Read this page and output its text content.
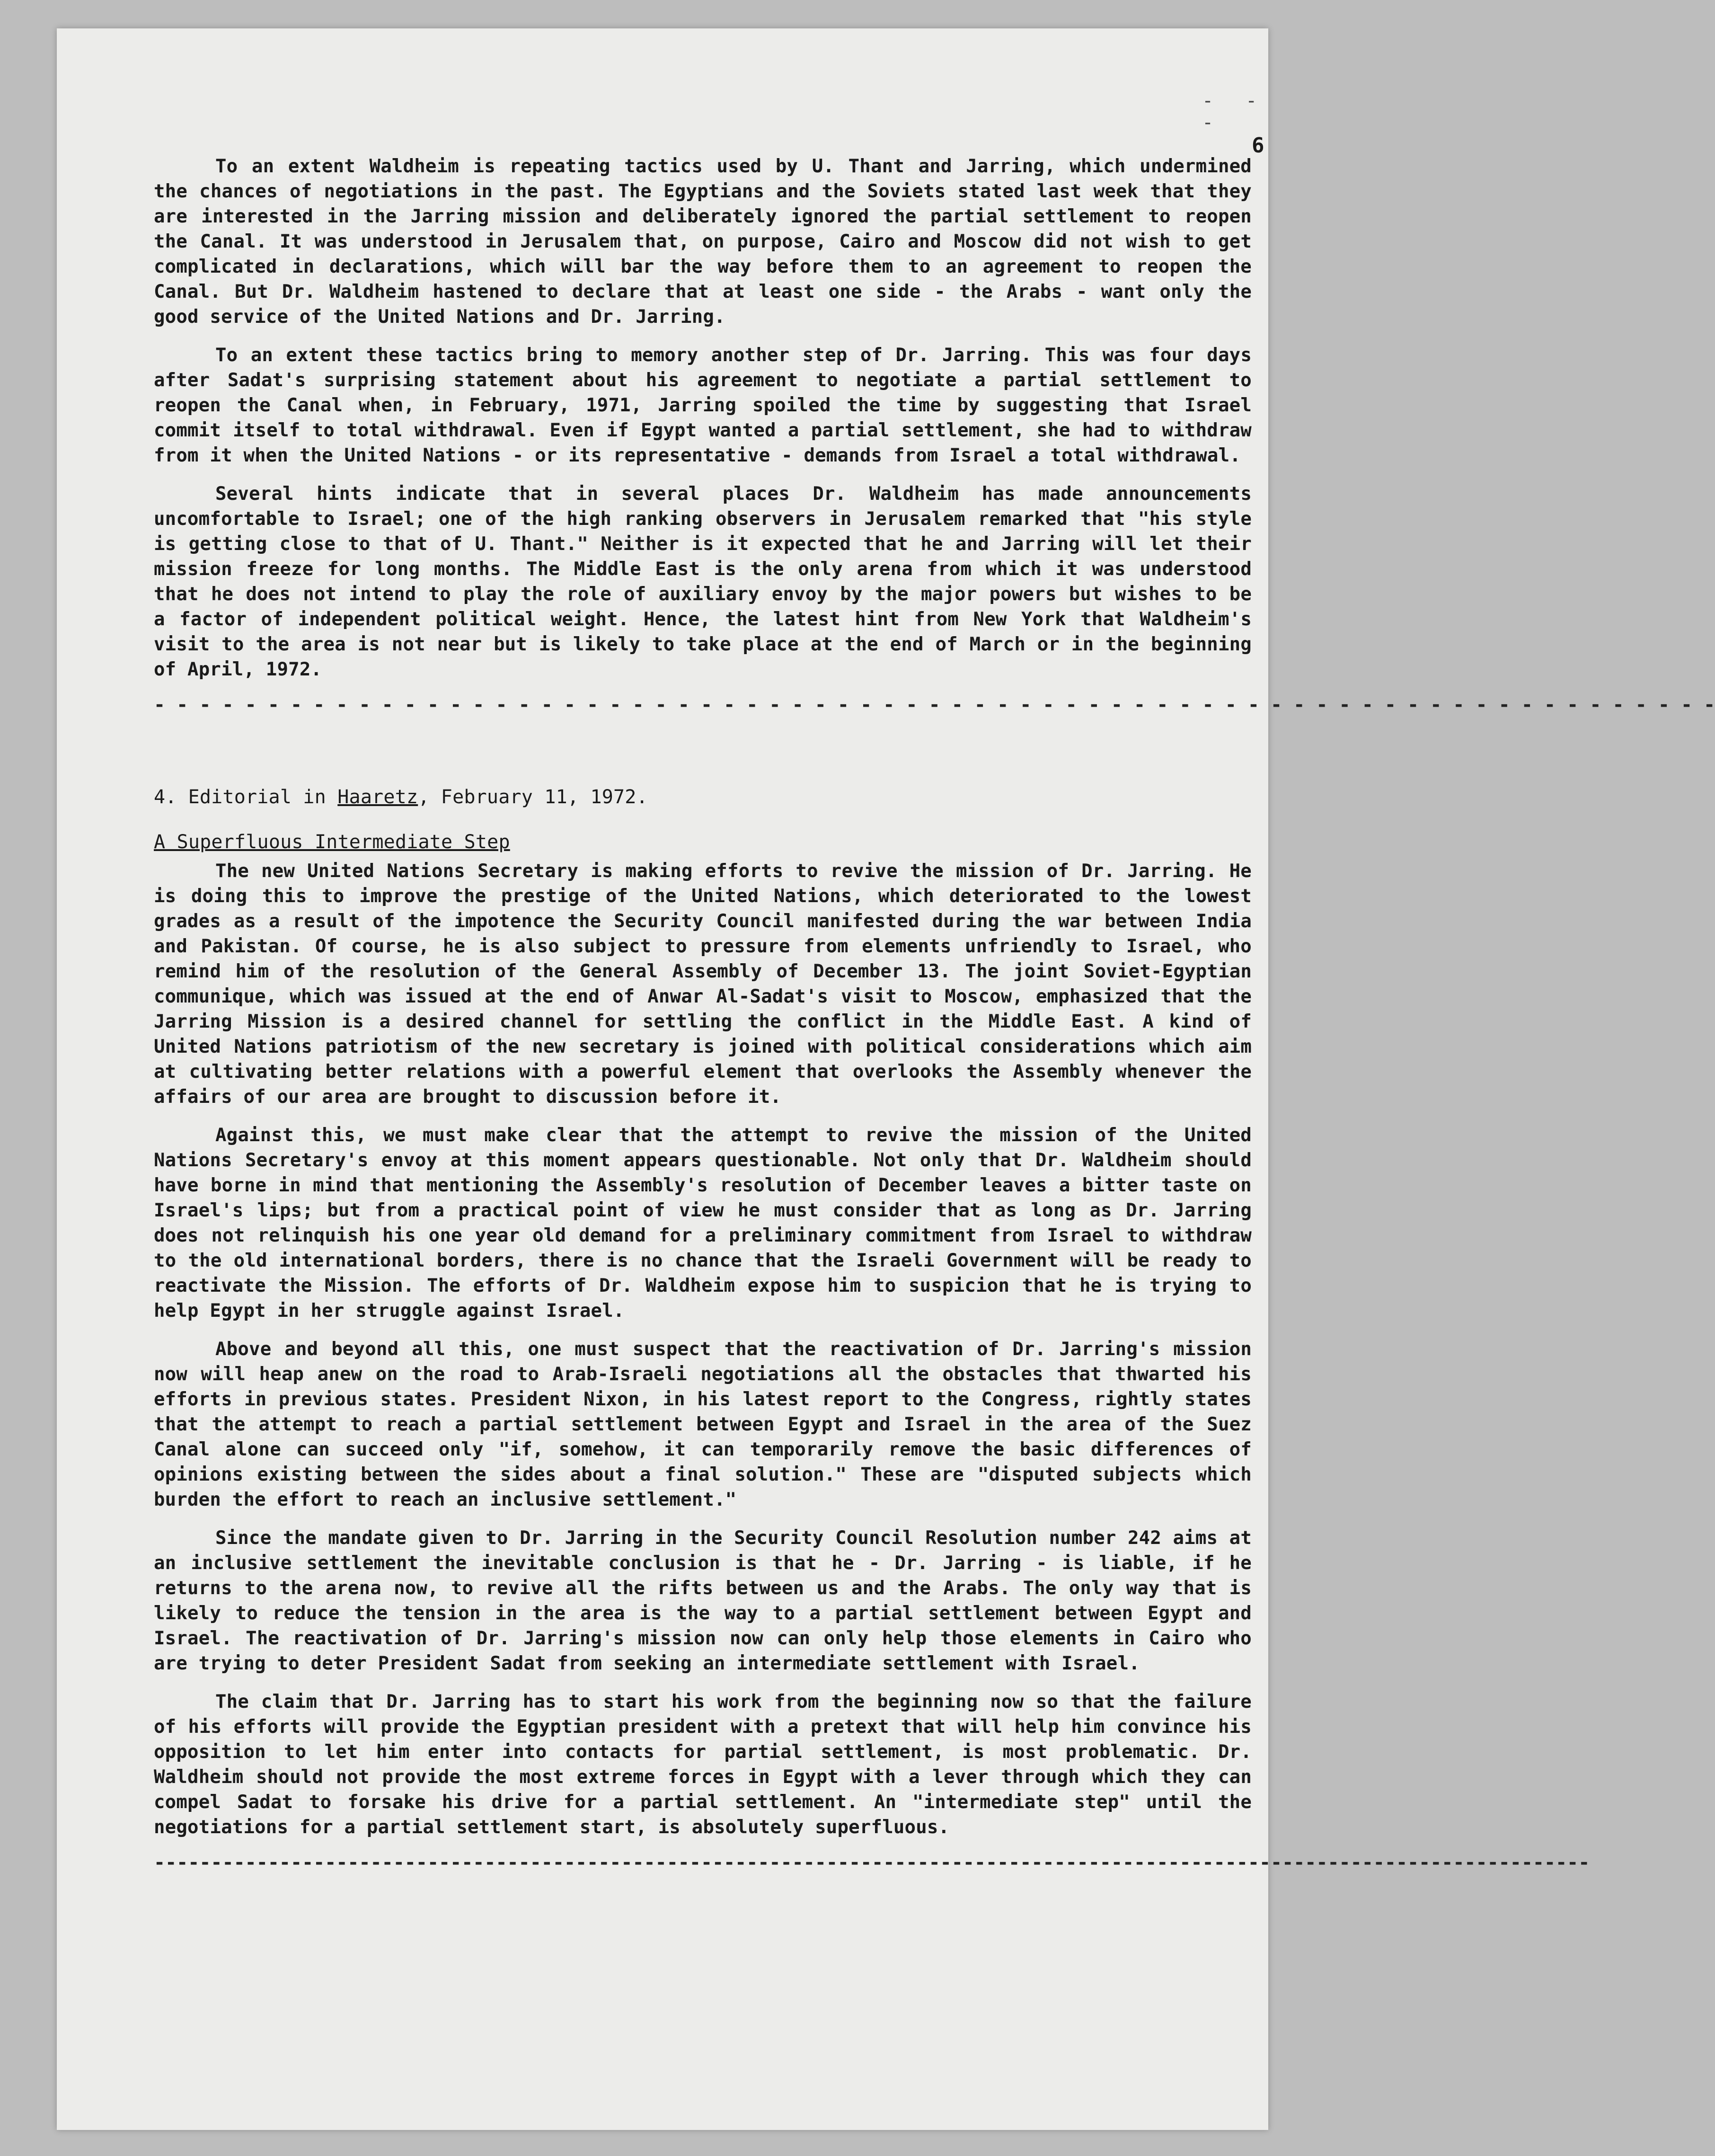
- - -
6

To an extent Waldheim is repeating tactics used by U. Thant and Jarring, which undermined the chances of negotiations in the past. The Egyptians and the Soviets stated last week that they are interested in the Jarring mission and deliberately ignored the partial settlement to reopen the Canal. It was understood in Jerusalem that, on purpose, Cairo and Moscow did not wish to get complicated in declarations, which will bar the way before them to an agreement to reopen the Canal. But Dr. Waldheim hastened to declare that at least one side - the Arabs - want only the good service of the United Nations and Dr. Jarring.

To an extent these tactics bring to memory another step of Dr. Jarring. This was four days after Sadat's surprising statement about his agreement to negotiate a partial settlement to reopen the Canal when, in February, 1971, Jarring spoiled the time by suggesting that Israel commit itself to total withdrawal. Even if Egypt wanted a partial settlement, she had to withdraw from it when the United Nations - or its representative - demands from Israel a total withdrawal.

Several hints indicate that in several places Dr. Waldheim has made announcements uncomfortable to Israel; one of the high ranking observers in Jerusalem remarked that "his style is getting close to that of U. Thant." Neither is it expected that he and Jarring will let their mission freeze for long months. The Middle East is the only arena from which it was understood that he does not intend to play the role of auxiliary envoy by the major powers but wishes to be a factor of independent political weight. Hence, the latest hint from New York that Waldheim's visit to the area is not near but is likely to take place at the end of March or in the beginning of April, 1972.

- - - - - - - - - - - - - - - - - - - - - - - - - - - - - - - - - - - - - - - - - - - - - - - - - - - - - - - - - - - - - - - - - - - - -
4. Editorial in Haaretz, February 11, 1972.
A Superfluous Intermediate Step

The new United Nations Secretary is making efforts to revive the mission of Dr. Jarring. He is doing this to improve the prestige of the United Nations, which deteriorated to the lowest grades as a result of the impotence the Security Council manifested during the war between India and Pakistan. Of course, he is also subject to pressure from elements unfriendly to Israel, who remind him of the resolution of the General Assembly of December 13. The joint Soviet-Egyptian communique, which was issued at the end of Anwar Al-Sadat's visit to Moscow, emphasized that the Jarring Mission is a desired channel for settling the conflict in the Middle East. A kind of United Nations patriotism of the new secretary is joined with political considerations which aim at cultivating better relations with a powerful element that overlooks the Assembly whenever the affairs of our area are brought to discussion before it.

Against this, we must make clear that the attempt to revive the mission of the United Nations Secretary's envoy at this moment appears questionable. Not only that Dr. Waldheim should have borne in mind that mentioning the Assembly's resolution of December leaves a bitter taste on Israel's lips; but from a practical point of view he must consider that as long as Dr. Jarring does not relinquish his one year old demand for a preliminary commitment from Israel to withdraw to the old international borders, there is no chance that the Israeli Government will be ready to reactivate the Mission. The efforts of Dr. Waldheim expose him to suspicion that he is trying to help Egypt in her struggle against Israel.

Above and beyond all this, one must suspect that the reactivation of Dr. Jarring's mission now will heap anew on the road to Arab-Israeli negotiations all the obstacles that thwarted his efforts in previous states. President Nixon, in his latest report to the Congress, rightly states that the attempt to reach a partial settlement between Egypt and Israel in the area of the Suez Canal alone can succeed only "if, somehow, it can temporarily remove the basic differences of opinions existing between the sides about a final solution." These are "disputed subjects which burden the effort to reach an inclusive settlement."

Since the mandate given to Dr. Jarring in the Security Council Resolution number 242 aims at an inclusive settlement the inevitable conclusion is that he - Dr. Jarring - is liable, if he returns to the arena now, to revive all the rifts between us and the Arabs. The only way that is likely to reduce the tension in the area is the way to a partial settlement between Egypt and Israel. The reactivation of Dr. Jarring's mission now can only help those elements in Cairo who are trying to deter President Sadat from seeking an intermediate settlement with Israel.

The claim that Dr. Jarring has to start his work from the beginning now so that the failure of his efforts will provide the Egyptian president with a pretext that will help him convince his opposition to let him enter into contacts for partial settlement, is most problematic. Dr. Waldheim should not provide the most extreme forces in Egypt with a lever through which they can compel Sadat to forsake his drive for a partial settlement. An "intermediate step" until the negotiations for a partial settlement start, is absolutely superfluous.

------------------------------------------------------------------------------------------------------------------------------
